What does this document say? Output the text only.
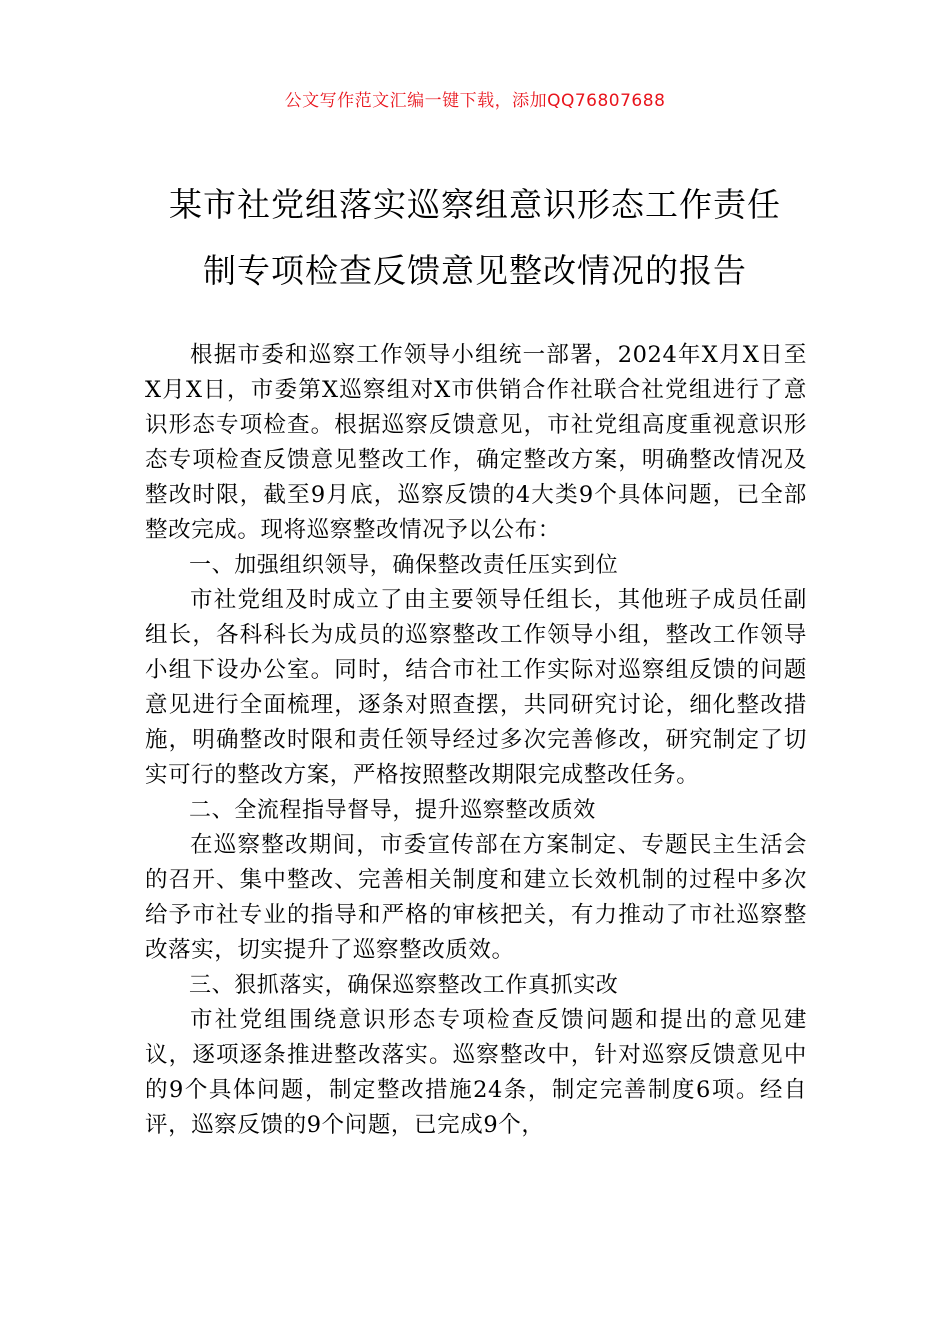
公文写作范文汇编一键下载，添加QQ76807688
某市社党组落实巡察组意识形态工作责任
制专项检查反馈意见整改情况的报告

根据市委和巡察工作领导小组统一部署，2024年X月X日至X月X日，市委第X巡察组对X市供销合作社联合社党组进行了意识形态专项检查。根据巡察反馈意见，市社党组高度重视意识形态专项检查反馈意见整改工作，确定整改方案，明确整改情况及整改时限，截至9月底，巡察反馈的4大类9个具体问题，已全部整改完成。现将巡察整改情况予以公布：

一、加强组织领导，确保整改责任压实到位

市社党组及时成立了由主要领导任组长，其他班子成员任副组长，各科科长为成员的巡察整改工作领导小组，整改工作领导小组下设办公室。同时，结合市社工作实际对巡察组反馈的问题意见进行全面梳理，逐条对照查摆，共同研究讨论，细化整改措施，明确整改时限和责任领导经过多次完善修改，研究制定了切实可行的整改方案，严格按照整改期限完成整改任务。

二、全流程指导督导，提升巡察整改质效

在巡察整改期间，市委宣传部在方案制定、专题民主生活会的召开、集中整改、完善相关制度和建立长效机制的过程中多次给予市社专业的指导和严格的审核把关，有力推动了市社巡察整改落实，切实提升了巡察整改质效。

三、狠抓落实，确保巡察整改工作真抓实改

市社党组围绕意识形态专项检查反馈问题和提出的意见建议，逐项逐条推进整改落实。巡察整改中，针对巡察反馈意见中的9个具体问题，制定整改措施24条，制定完善制度6项。经自评，巡察反馈的9个问题，已完成9个，
